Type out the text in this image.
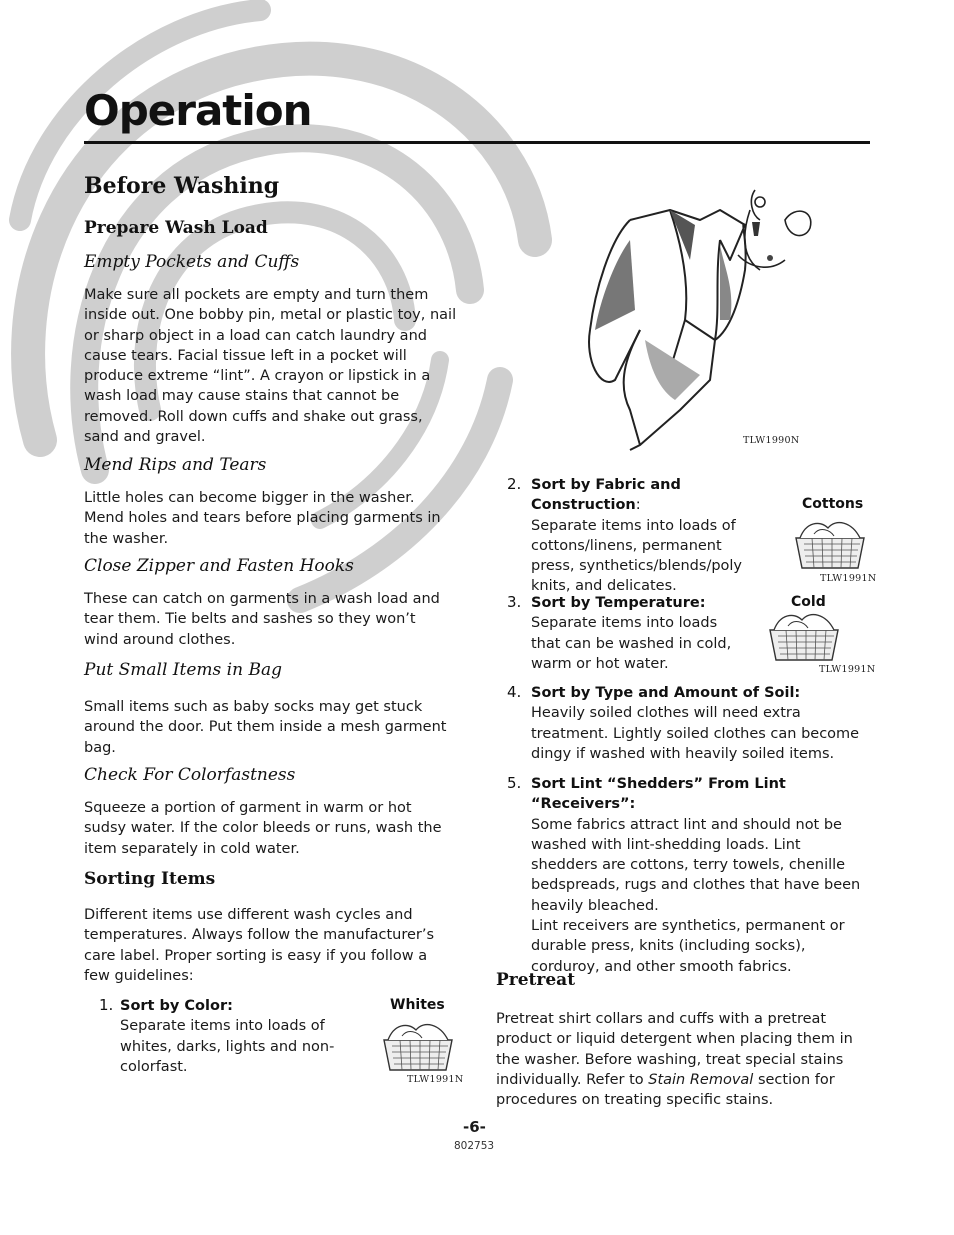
Operation
Before Washing
Prepare Wash Load
Empty Pockets and Cuffs
Make sure all pockets are empty and turn them
inside out. One bobby pin, metal or plastic toy, nail
or sharp object in a load can catch laundry and
cause tears. Facial tissue left in a pocket will
produce extreme “lint”. A crayon or lipstick in a
wash load may cause stains that cannot be
removed. Roll down cuffs and shake out grass,
sand and gravel.
Mend Rips and Tears
Little holes can become bigger in the washer.
Mend holes and tears before placing garments in
the washer.
Close Zipper and Fasten Hooks
These can catch on garments in a wash load and
tear them. Tie belts and sashes so they won’t
wind around clothes.
Put Small Items in Bag
Small items such as baby socks may get stuck
around the door. Put them inside a mesh garment
bag.
Check For Colorfastness
Squeeze a portion of garment in warm or hot
sudsy water. If the color bleeds or runs, wash the
item separately in cold water.
Sorting Items
Different items use different wash cycles and
temperatures. Always follow the manufacturer’s
care label. Proper sorting is easy if you follow a
few guidelines:
1. Sort by Color:
Separate items into loads of
whites, darks, lights and non-
colorfast.
Whites
TLW1991N
TLW1990N
2. Sort by Fabric and Construction:
Separate items into loads of
cottons/linens, permanent
press, synthetics/blends/poly
knits, and delicates.
Cottons
TLW1991N
3. Sort by Temperature:
Separate items into loads
that can be washed in cold,
warm or hot water.
Cold
TLW1991N
4. Sort by Type and Amount of Soil:
Heavily soiled clothes will need extra
treatment. Lightly soiled clothes can become
dingy if washed with heavily soiled items.
5. Sort Lint “Shedders” From Lint “Receivers”:
Some fabrics attract lint and should not be
washed with lint-shedding loads. Lint
shedders are cottons, terry towels, chenille
bedspreads, rugs and clothes that have been
heavily bleached.
Lint receivers are synthetics, permanent or
durable press, knits (including socks),
corduroy, and other smooth fabrics.
Pretreat
Pretreat shirt collars and cuffs with a pretreat
product or liquid detergent when placing them in
the washer. Before washing, treat special stains
individually. Refer to Stain Removal section for
procedures on treating specific stains.
-6-
802753
